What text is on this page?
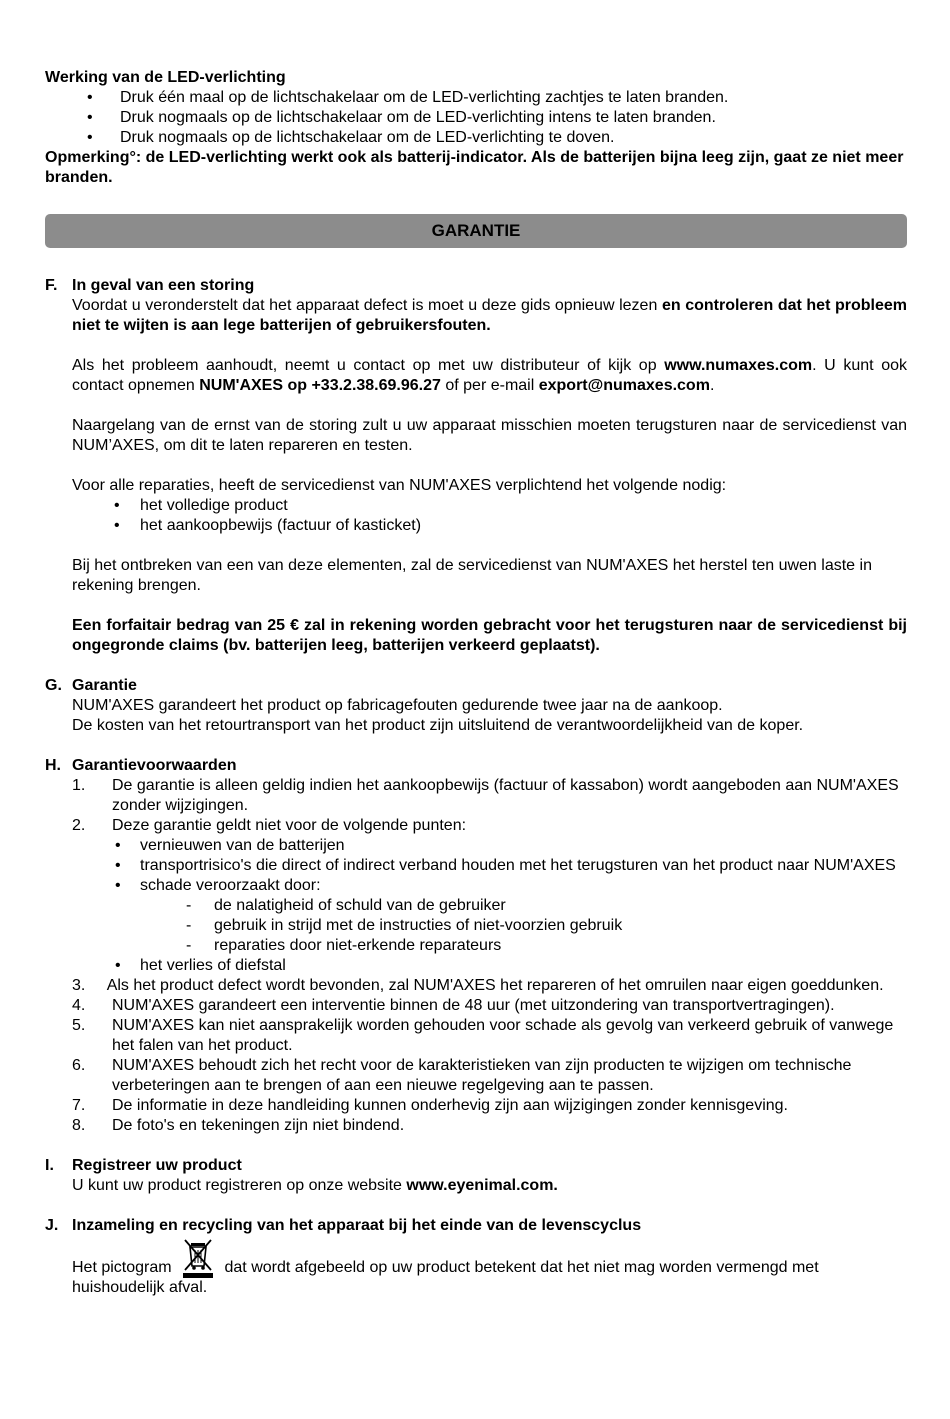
Werking van de LED-verlichting

• Druk één maal op de lichtschakelaar om de LED-verlichting zachtjes te laten branden.

• Druk nogmaals op de lichtschakelaar om de LED-verlichting intens te laten branden.

• Druk nogmaals op de lichtschakelaar om de LED-verlichting te doven.

Opmerking°: de LED-verlichting werkt ook als batterij-indicator. Als de batterijen bijna leeg zijn, gaat ze niet meer branden.

GARANTIE
F. In geval van een storing

Voordat u veronderstelt dat het apparaat defect is moet u deze gids opnieuw lezen en controleren dat het probleem niet te wijten is aan lege batterijen of gebruikersfouten.

Als het probleem aanhoudt, neemt u contact op met uw distributeur of kijk op www.numaxes.com. U kunt ook contact opnemen NUM'AXES op +33.2.38.69.96.27 of per e-mail export@numaxes.com.

Naargelang van de ernst van de storing zult u uw apparaat misschien moeten terugsturen naar de servicedienst van NUM’AXES, om dit te laten repareren en testen.

Voor alle reparaties, heeft de servicedienst van NUM'AXES verplichtend het volgende nodig:

• het volledige product

• het aankoopbewijs (factuur of kasticket)

Bij het ontbreken van een van deze elementen, zal de servicedienst van NUM'AXES het herstel ten uwen laste in rekening brengen.

Een forfaitair bedrag van 25 € zal in rekening worden gebracht voor het terugsturen naar de servicedienst bij ongegronde claims (bv. batterijen leeg, batterijen verkeerd geplaatst).

G. Garantie

NUM'AXES garandeert het product op fabricagefouten gedurende twee jaar na de aankoop.

De kosten van het retourtransport van het product zijn uitsluitend de verantwoordelijkheid van de koper.

H. Garantievoorwaarden

1. De garantie is alleen geldig indien het aankoopbewijs (factuur of kassabon) wordt aangeboden aan NUM'AXES zonder wijzigingen.

2. Deze garantie geldt niet voor de volgende punten:

• vernieuwen van de batterijen

• transportrisico's die direct of indirect verband houden met het terugsturen van het product naar NUM'AXES

• schade veroorzaakt door:

- de nalatigheid of schuld van de gebruiker

- gebruik in strijd met de instructies of niet-voorzien gebruik

- reparaties door niet-erkende reparateurs

• het verlies of diefstal

3.     Als het product defect wordt bevonden, zal NUM'AXES het repareren of het omruilen naar eigen goeddunken.

4. NUM'AXES garandeert een interventie binnen de 48 uur (met uitzondering van transportvertragingen).

5. NUM'AXES kan niet aansprakelijk worden gehouden voor schade als gevolg van verkeerd gebruik of vanwege het falen van het product.

6. NUM'AXES behoudt zich het recht voor de karakteristieken van zijn producten te wijzigen om technische verbeteringen aan te brengen of aan een nieuwe regelgeving aan te passen.

7. De informatie in deze handleiding kunnen onderhevig zijn aan wijzigingen zonder kennisgeving.

8. De foto's en tekeningen zijn niet bindend.

I. Registreer uw product

U kunt uw product registreren op onze website www.eyenimal.com.

J. Inzameling en recycling van het apparaat bij het einde van de levenscyclus

Het pictogram	dat wordt afgebeeld op uw product betekent dat het niet mag worden vermengd met huishoudelijk afval.
